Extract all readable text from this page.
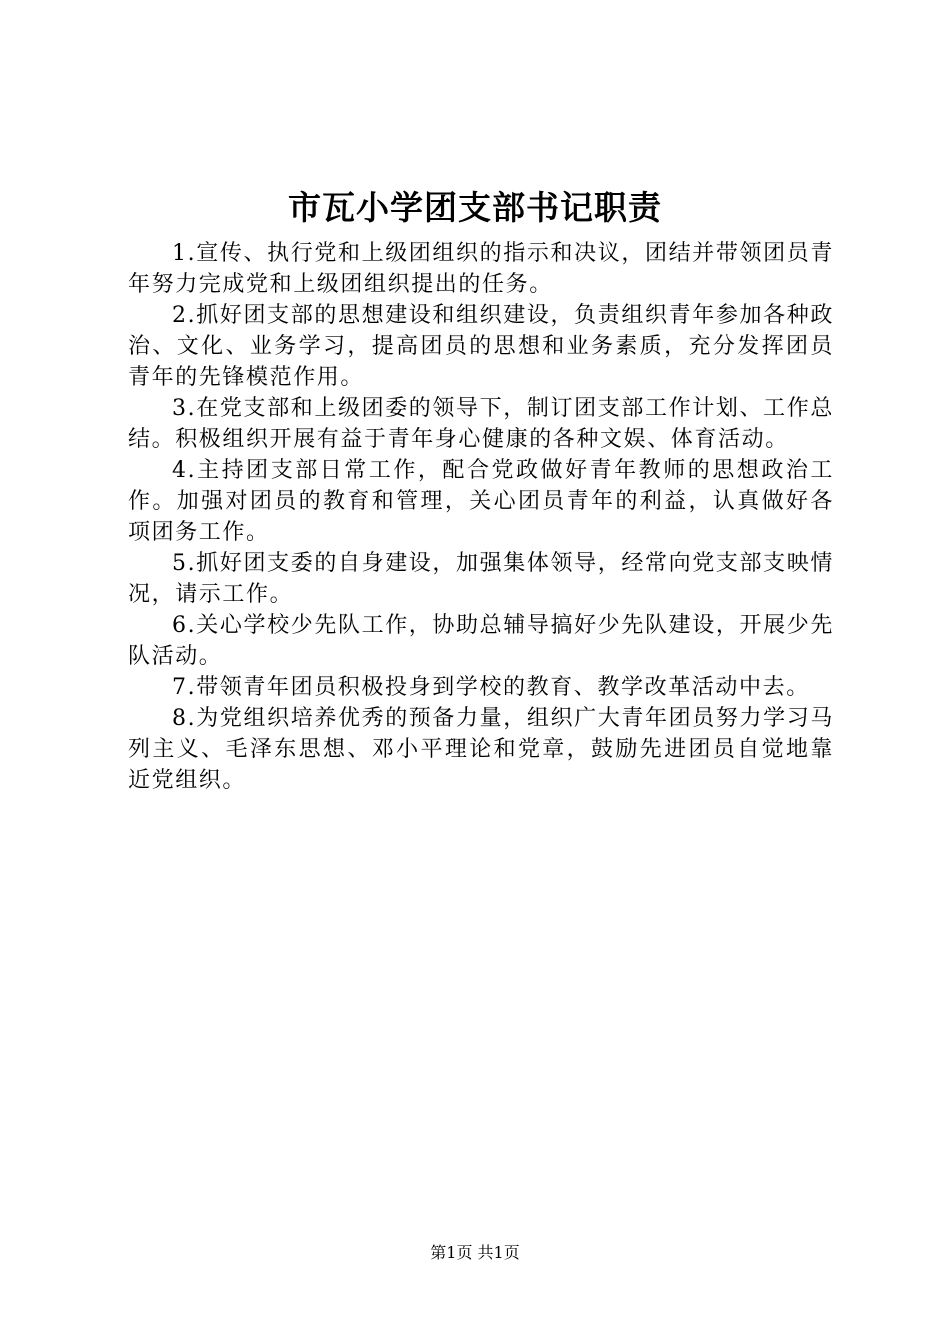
市瓦小学团支部书记职责

1.宣传、执行党和上级团组织的指示和决议，团结并带领团员青年努力完成党和上级团组织提出的任务。

2.抓好团支部的思想建设和组织建设，负责组织青年参加各种政治、文化、业务学习，提高团员的思想和业务素质，充分发挥团员青年的先锋模范作用。

3.在党支部和上级团委的领导下，制订团支部工作计划、工作总结。积极组织开展有益于青年身心健康的各种文娱、体育活动。

4.主持团支部日常工作，配合党政做好青年教师的思想政治工作。加强对团员的教育和管理，关心团员青年的利益，认真做好各项团务工作。

5.抓好团支委的自身建设，加强集体领导，经常向党支部支映情况，请示工作。

6.关心学校少先队工作，协助总辅导搞好少先队建设，开展少先队活动。

7.带领青年团员积极投身到学校的教育、教学改革活动中去。

8.为党组织培养优秀的预备力量，组织广大青年团员努力学习马列主义、毛泽东思想、邓小平理论和党章，鼓励先进团员自觉地靠近党组织。

第1页 共1页
